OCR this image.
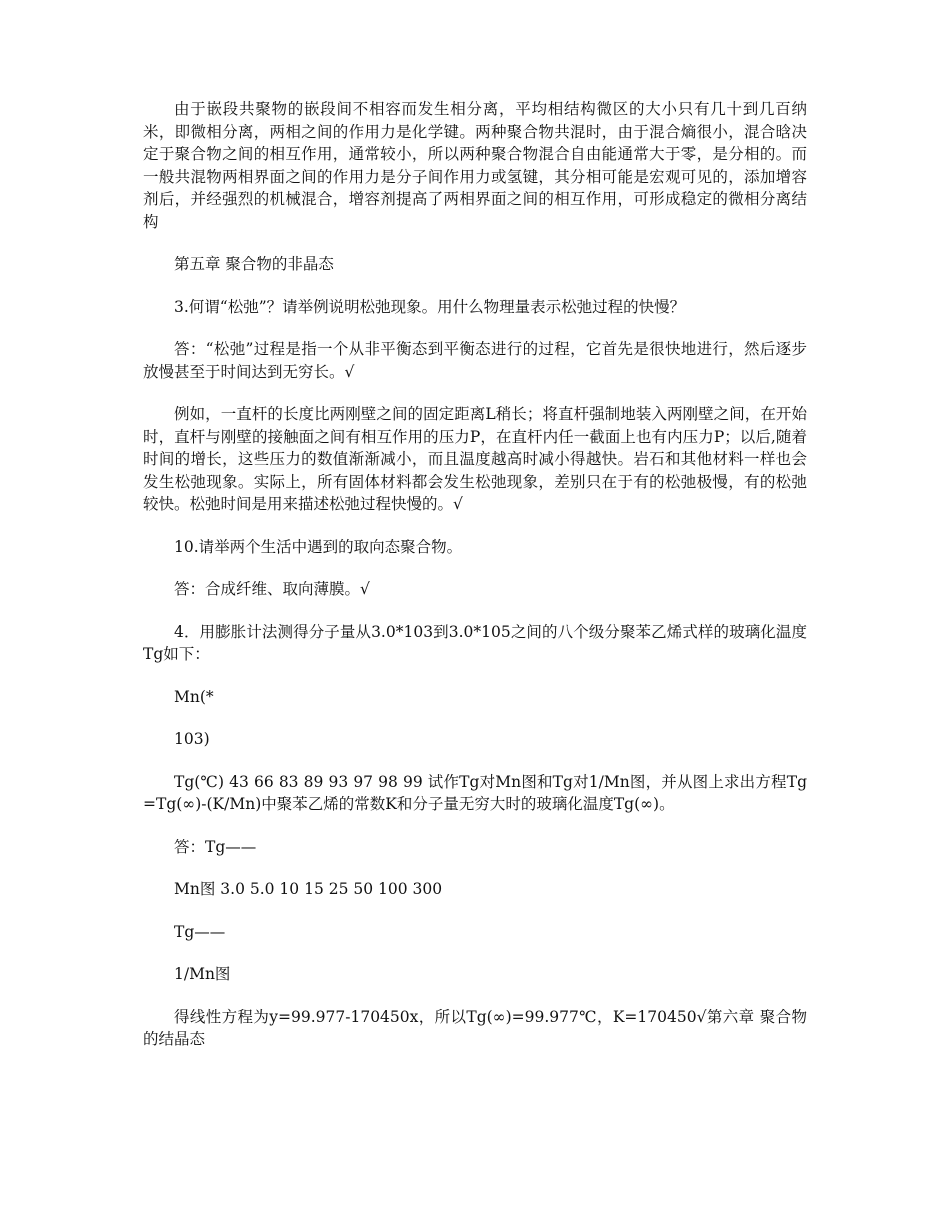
由于嵌段共聚物的嵌段间不相容而发生相分离，平均相结构微区的大小只有几十到几百纳米，即微相分离，两相之间的作用力是化学键。两种聚合物共混时，由于混合熵很小，混合晗决定于聚合物之间的相互作用，通常较小，所以两种聚合物混合自由能通常大于零，是分相的。而一般共混物两相界面之间的作用力是分子间作用力或氢键，其分相可能是宏观可见的，添加增容剂后，并经强烈的机械混合，增容剂提高了两相界面之间的相互作用，可形成稳定的微相分离结构

第五章 聚合物的非晶态

3.何谓“松弛”？请举例说明松弛现象。用什么物理量表示松弛过程的快慢？

答：“松弛”过程是指一个从非平衡态到平衡态进行的过程，它首先是很快地进行，然后逐步放慢甚至于时间达到无穷长。√

例如，一直杆的长度比两刚壁之间的固定距离L稍长；将直杆强制地装入两刚壁之间，在开始时，直杆与刚壁的接触面之间有相互作用的压力P，在直杆内任一截面上也有内压力P；以后,随着时间的增长，这些压力的数值渐渐减小，而且温度越高时减小得越快。岩石和其他材料一样也会发生松弛现象。实际上，所有固体材料都会发生松弛现象，差别只在于有的松弛极慢，有的松弛较快。松弛时间是用来描述松弛过程快慢的。√

10.请举两个生活中遇到的取向态聚合物。

答：合成纤维、取向薄膜。√

4．用膨胀计法测得分子量从3.0*103到3.0*105之间的八个级分聚苯乙烯式样的玻璃化温度Tg如下：

Mn(*

103)

Tg(℃) 43 66 83 89 93 97 98 99 试作Tg对Mn图和Tg对1/Mn图，并从图上求出方程Tg=Tg(∞)-(K/Mn)中聚苯乙烯的常数K和分子量无穷大时的玻璃化温度Tg(∞)。

答：Tg——

Mn图 3.0 5.0 10 15 25 50 100 300

Tg——

1/Mn图

得线性方程为y=99.977-170450x，所以Tg(∞)=99.977℃，K=170450√第六章 聚合物的结晶态
